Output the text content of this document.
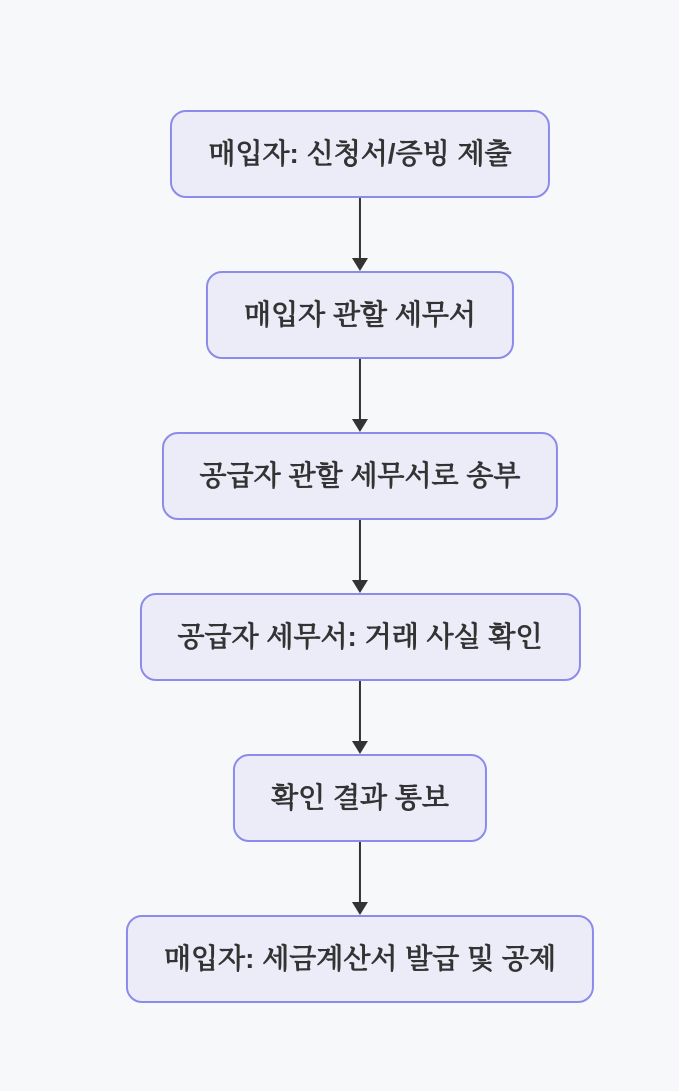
매입자: 신청서/증빙 제출
매입자 관할 세무서
공급자 관할 세무서로 송부
공급자 세무서: 거래 사실 확인
확인 결과 통보
매입자: 세금계산서 발급 및 공제
